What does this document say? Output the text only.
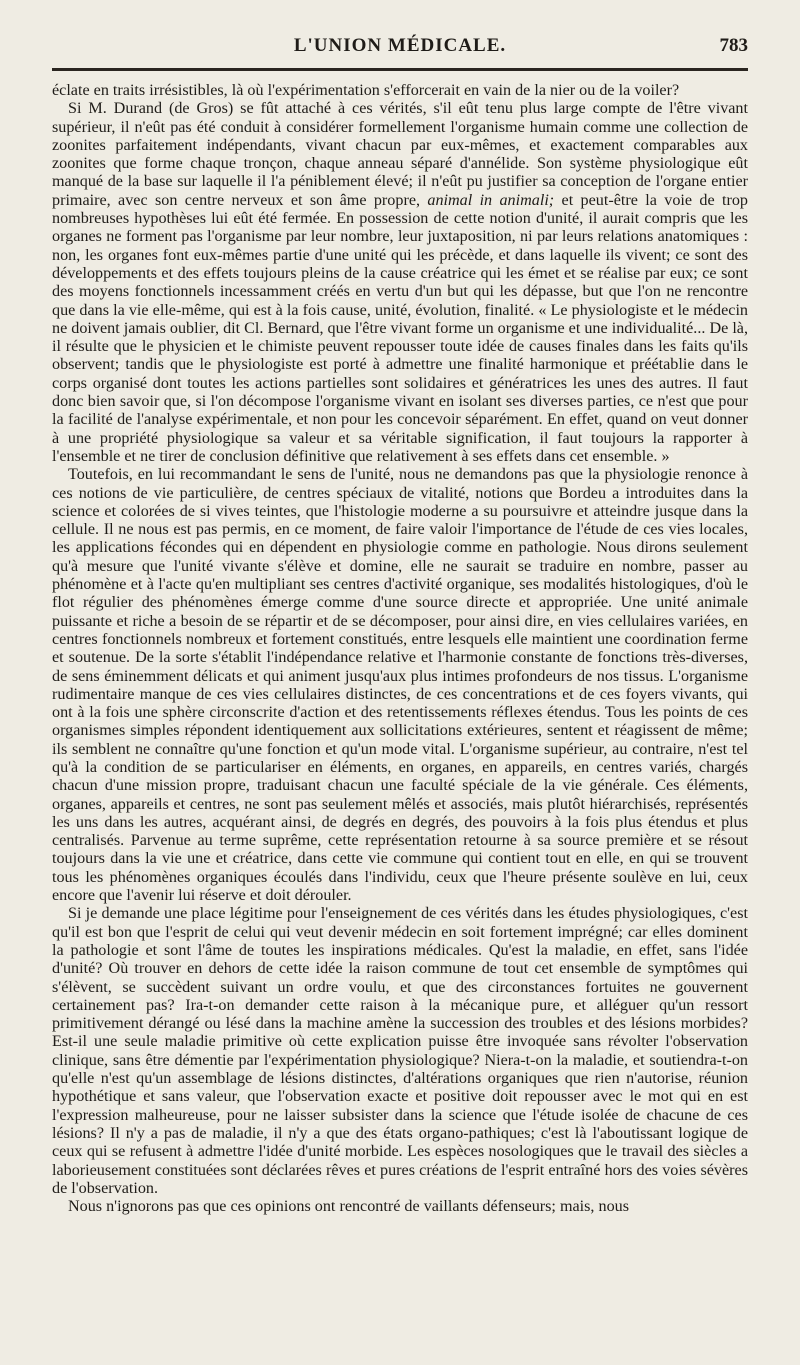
L'UNION MÉDICALE.	783

éclate en traits irrésistibles, là où l'expérimentation s'efforcerait en vain de la nier ou de la voiler?

Si M. Durand (de Gros) se fût attaché à ces vérités, s'il eût tenu plus large compte de l'être vivant supérieur, il n'eût pas été conduit à considérer formellement l'organisme humain comme une collection de zoonites parfaitement indépendants, vivant chacun par eux-mêmes, et exactement comparables aux zoonites que forme chaque tronçon, chaque anneau séparé d'annélide. Son système physiologique eût manqué de la base sur laquelle il l'a péniblement élevé; il n'eût pu justifier sa conception de l'organe entier primaire, avec son centre nerveux et son âme propre, animal in animali; et peut-être la voie de trop nombreuses hypothèses lui eût été fermée. En possession de cette notion d'unité, il aurait compris que les organes ne forment pas l'organisme par leur nombre, leur juxtaposition, ni par leurs relations anatomiques : non, les organes font eux-mêmes partie d'une unité qui les précède, et dans laquelle ils vivent; ce sont des développements et des effets toujours pleins de la cause créatrice qui les émet et se réalise par eux; ce sont des moyens fonctionnels incessamment créés en vertu d'un but qui les dépasse, but que l'on ne rencontre que dans la vie elle-même, qui est à la fois cause, unité, évolution, finalité. « Le physiologiste et le médecin ne doivent jamais oublier, dit Cl. Bernard, que l'être vivant forme un organisme et une individualité... De là, il résulte que le physicien et le chimiste peuvent repousser toute idée de causes finales dans les faits qu'ils observent; tandis que le physiologiste est porté à admettre une finalité harmonique et préétablie dans le corps organisé dont toutes les actions partielles sont solidaires et génératrices les unes des autres. Il faut donc bien savoir que, si l'on décompose l'organisme vivant en isolant ses diverses parties, ce n'est que pour la facilité de l'analyse expérimentale, et non pour les concevoir séparément. En effet, quand on veut donner à une propriété physiologique sa valeur et sa véritable signification, il faut toujours la rapporter à l'ensemble et ne tirer de conclusion définitive que relativement à ses effets dans cet ensemble. »

Toutefois, en lui recommandant le sens de l'unité, nous ne demandons pas que la physiologie renonce à ces notions de vie particulière, de centres spéciaux de vitalité, notions que Bordeu a introduites dans la science et colorées de si vives teintes, que l'histologie moderne a su poursuivre et atteindre jusque dans la cellule. Il ne nous est pas permis, en ce moment, de faire valoir l'importance de l'étude de ces vies locales, les applications fécondes qui en dépendent en physiologie comme en pathologie. Nous dirons seulement qu'à mesure que l'unité vivante s'élève et domine, elle ne saurait se traduire en nombre, passer au phénomène et à l'acte qu'en multipliant ses centres d'activité organique, ses modalités histologiques, d'où le flot régulier des phénomènes émerge comme d'une source directe et appropriée. Une unité animale puissante et riche a besoin de se répartir et de se décomposer, pour ainsi dire, en vies cellulaires variées, en centres fonctionnels nombreux et fortement constitués, entre lesquels elle maintient une coordination ferme et soutenue. De la sorte s'établit l'indépendance relative et l'harmonie constante de fonctions très-diverses, de sens éminemment délicats et qui animent jusqu'aux plus intimes profondeurs de nos tissus. L'organisme rudimentaire manque de ces vies cellulaires distinctes, de ces concentrations et de ces foyers vivants, qui ont à la fois une sphère circonscrite d'action et des retentissements réflexes étendus. Tous les points de ces organismes simples répondent identiquement aux sollicitations extérieures, sentent et réagissent de même; ils semblent ne connaître qu'une fonction et qu'un mode vital. L'organisme supérieur, au contraire, n'est tel qu'à la condition de se particulariser en éléments, en organes, en appareils, en centres variés, chargés chacun d'une mission propre, traduisant chacun une faculté spéciale de la vie générale. Ces éléments, organes, appareils et centres, ne sont pas seulement mêlés et associés, mais plutôt hiérarchisés, représentés les uns dans les autres, acquérant ainsi, de degrés en degrés, des pouvoirs à la fois plus étendus et plus centralisés. Parvenue au terme suprême, cette représentation retourne à sa source première et se résout toujours dans la vie une et créatrice, dans cette vie commune qui contient tout en elle, en qui se trouvent tous les phénomènes organiques écoulés dans l'individu, ceux que l'heure présente soulève en lui, ceux encore que l'avenir lui réserve et doit dérouler.

Si je demande une place légitime pour l'enseignement de ces vérités dans les études physiologiques, c'est qu'il est bon que l'esprit de celui qui veut devenir médecin en soit fortement imprégné; car elles dominent la pathologie et sont l'âme de toutes les inspirations médicales. Qu'est la maladie, en effet, sans l'idée d'unité? Où trouver en dehors de cette idée la raison commune de tout cet ensemble de symptômes qui s'élèvent, se succèdent suivant un ordre voulu, et que des circonstances fortuites ne gouvernent certainement pas? Ira-t-on demander cette raison à la mécanique pure, et alléguer qu'un ressort primitivement dérangé ou lésé dans la machine amène la succession des troubles et des lésions morbides? Est-il une seule maladie primitive où cette explication puisse être invoquée sans révolter l'observation clinique, sans être démentie par l'expérimentation physiologique? Niera-t-on la maladie, et soutiendra-t-on qu'elle n'est qu'un assemblage de lésions distinctes, d'altérations organiques que rien n'autorise, réunion hypothétique et sans valeur, que l'observation exacte et positive doit repousser avec le mot qui en est l'expression malheureuse, pour ne laisser subsister dans la science que l'étude isolée de chacune de ces lésions? Il n'y a pas de maladie, il n'y a que des états organo-pathiques; c'est là l'aboutissant logique de ceux qui se refusent à admettre l'idée d'unité morbide. Les espèces nosologiques que le travail des siècles a laborieusement constituées sont déclarées rêves et pures créations de l'esprit entraîné hors des voies sévères de l'observation.

Nous n'ignorons pas que ces opinions ont rencontré de vaillants défenseurs; mais, nous
